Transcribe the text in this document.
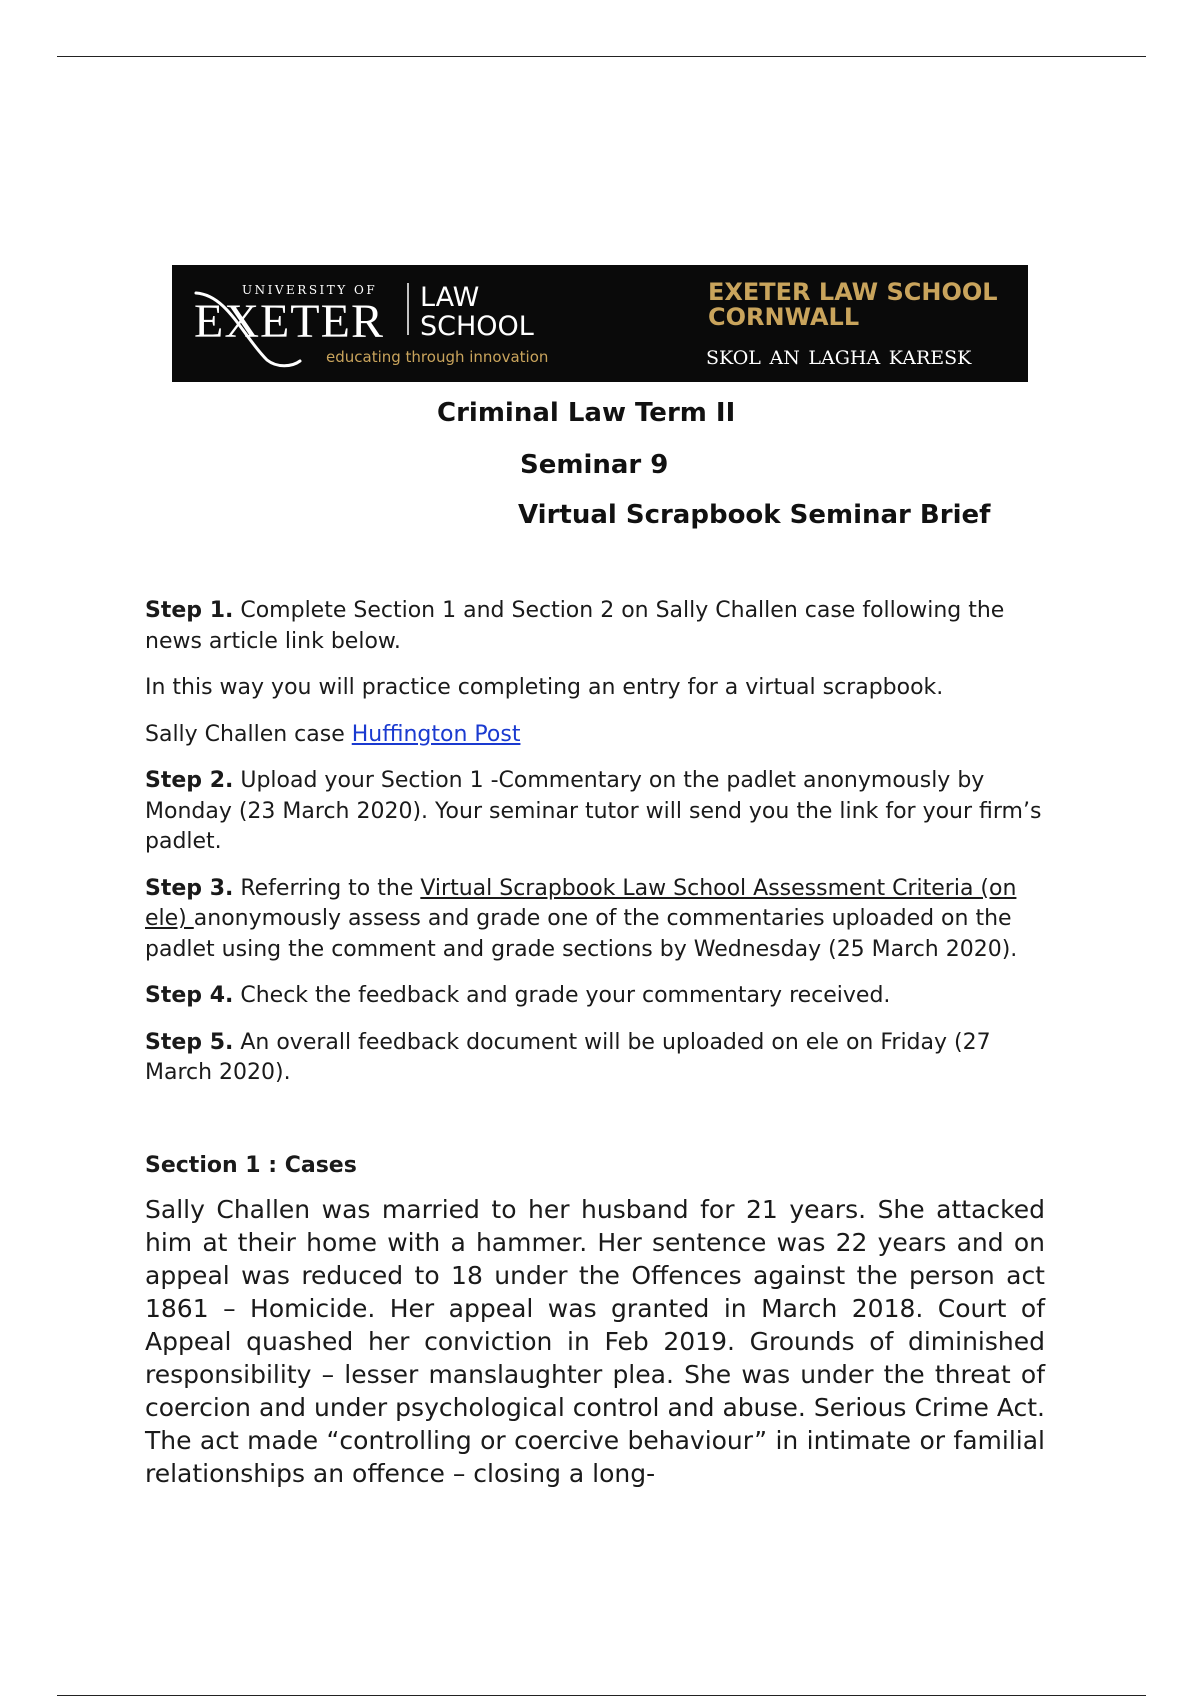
UNIVERSITY OF
EXETER LAW
SCHOOL
educating through innovation
EXETER LAW SCHOOL
CORNWALL
skol an lagha karesk
Criminal Law Term II
Seminar 9
Virtual Scrapbook Seminar Brief

Step 1. Complete Section 1 and Section 2 on Sally Challen case following the news article link below.

In this way you will practice completing an entry for a virtual scrapbook.

Sally Challen case Huffington Post

Step 2. Upload your Section 1 -Commentary on the padlet anonymously by Monday (23 March 2020). Your seminar tutor will send you the link for your firm’s padlet.

Step 3. Referring to the Virtual Scrapbook Law School Assessment Criteria (on ele) anonymously assess and grade one of the commentaries uploaded on the padlet using the comment and grade sections by Wednesday (25 March 2020).

Step 4. Check the feedback and grade your commentary received.

Step 5. An overall feedback document will be uploaded on ele on Friday (27 March 2020).

Section 1 : Cases

Sally Challen was married to her husband for 21 years. She attacked him at their home with a hammer. Her sentence was 22 years and on appeal was reduced to 18 under the Offences against the person act 1861 – Homicide. Her appeal was granted in March 2018. Court of Appeal quashed her conviction in Feb 2019. Grounds of diminished responsibility – lesser manslaughter plea. She was under the threat of coercion and under psychological control and abuse. Serious Crime Act. The act made “controlling or coercive behaviour” in intimate or familial relationships an offence – closing a long-
